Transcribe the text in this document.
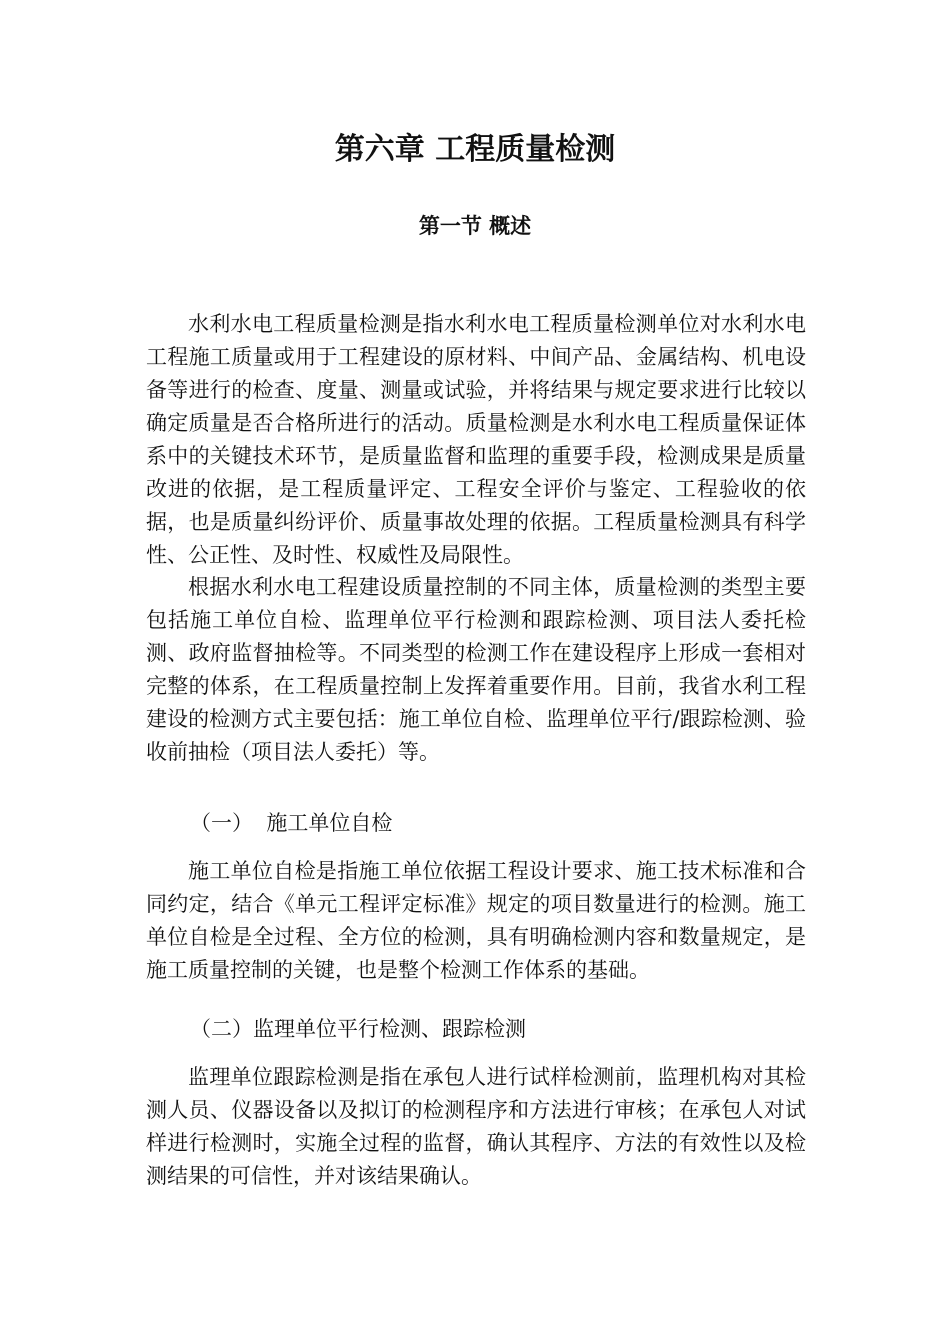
第六章 工程质量检测
第一节 概述

水利水电工程质量检测是指水利水电工程质量检测单位对水利水电工程施工质量或用于工程建设的原材料、中间产品、金属结构、机电设备等进行的检查、度量、测量或试验，并将结果与规定要求进行比较以确定质量是否合格所进行的活动。质量检测是水利水电工程质量保证体系中的关键技术环节，是质量监督和监理的重要手段，检测成果是质量改进的依据，是工程质量评定、工程安全评价与鉴定、工程验收的依据，也是质量纠纷评价、质量事故处理的依据。工程质量检测具有科学性、公正性、及时性、权威性及局限性。

根据水利水电工程建设质量控制的不同主体，质量检测的类型主要包括施工单位自检、监理单位平行检测和跟踪检测、项目法人委托检测、政府监督抽检等。不同类型的检测工作在建设程序上形成一套相对完整的体系，在工程质量控制上发挥着重要作用。目前，我省水利工程建设的检测方式主要包括：施工单位自检、监理单位平行/跟踪检测、验收前抽检（项目法人委托）等。

（一）  施工单位自检

施工单位自检是指施工单位依据工程设计要求、施工技术标准和合同约定，结合《单元工程评定标准》规定的项目数量进行的检测。施工单位自检是全过程、全方位的检测，具有明确检测内容和数量规定，是施工质量控制的关键，也是整个检测工作体系的基础。

（二）监理单位平行检测、跟踪检测

监理单位跟踪检测是指在承包人进行试样检测前，监理机构对其检测人员、仪器设备以及拟订的检测程序和方法进行审核；在承包人对试样进行检测时，实施全过程的监督，确认其程序、方法的有效性以及检测结果的可信性，并对该结果确认。
